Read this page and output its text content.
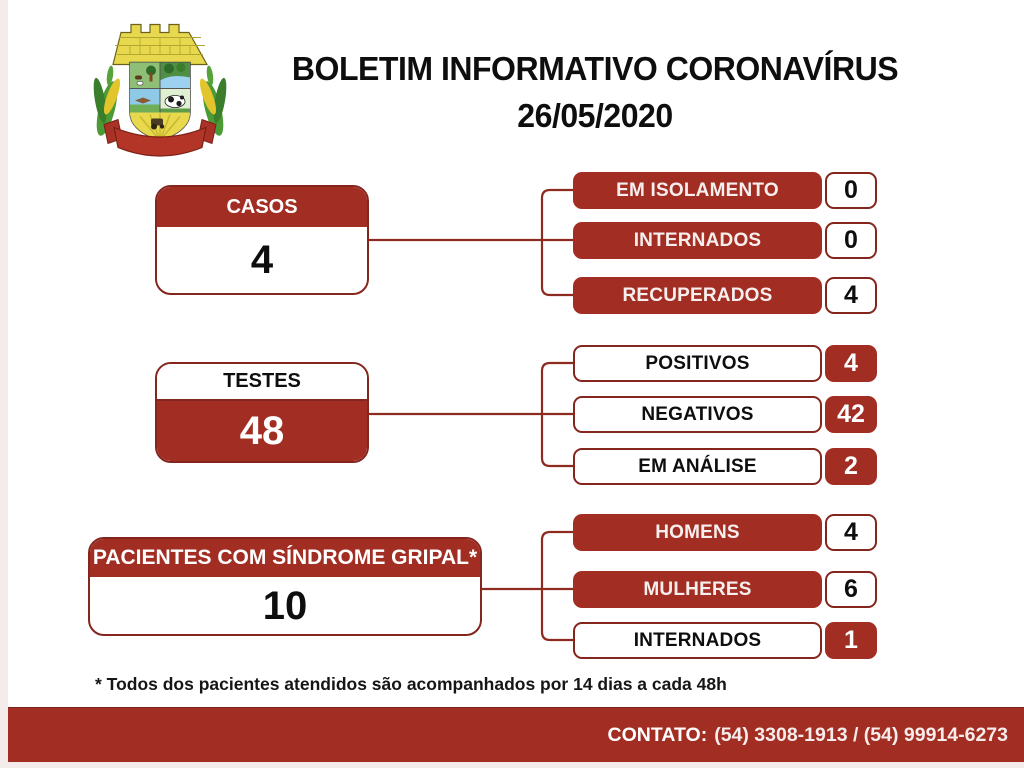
BOLETIM INFORMATIVO CORONAVÍRUS
26/05/2020
CASOS
4
EM ISOLAMENTO	0
INTERNADOS	0
RECUPERADOS	4
TESTES
48
POSITIVOS	4
NEGATIVOS	42
EM ANÁLISE	2
PACIENTES COM SÍNDROME GRIPAL*
10
HOMENS	4
MULHERES	6
INTERNADOS	1
* Todos dos pacientes atendidos são acompanhados por 14 dias a cada 48h
CONTATO: (54) 3308-1913 / (54) 99914-6273
